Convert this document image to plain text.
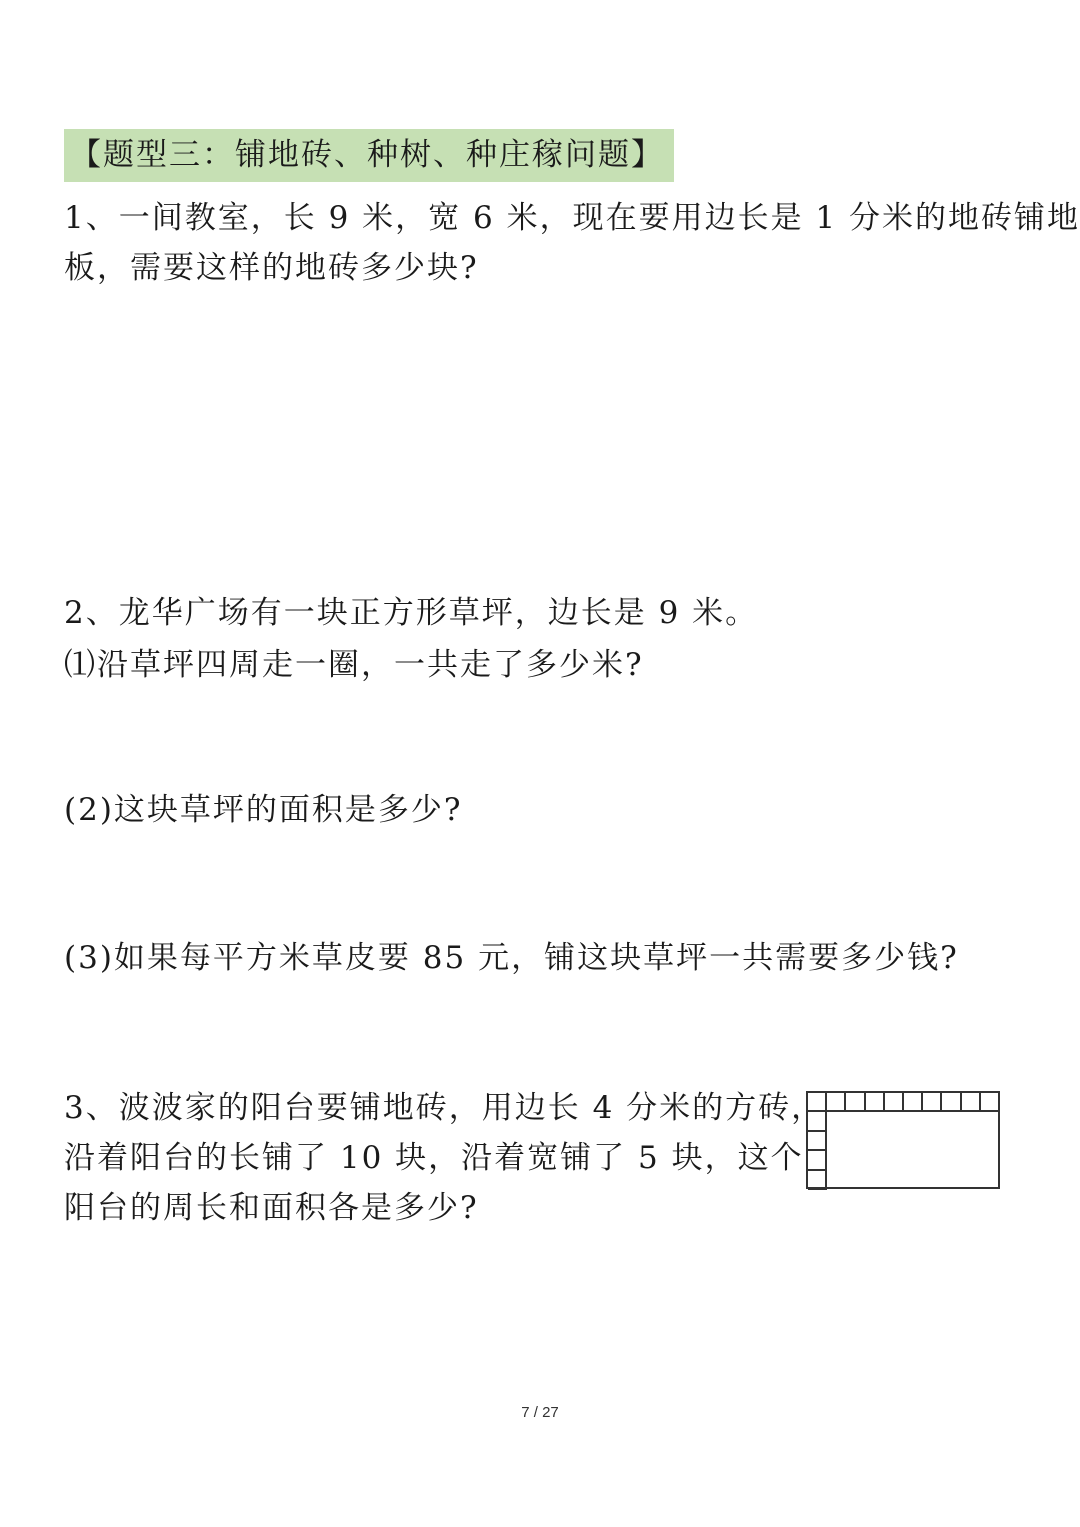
【题型三：铺地砖、种树、种庄稼问题】
1、一间教室，长 9 米，宽 6 米，现在要用边长是 1 分米的地砖铺地
板，需要这样的地砖多少块?
2、龙华广场有一块正方形草坪，边长是 9 米。
⑴沿草坪四周走一圈，一共走了多少米?
(2)这块草坪的面积是多少?
(3)如果每平方米草皮要 85 元，铺这块草坪一共需要多少钱?
3、波波家的阳台要铺地砖，用边长 4 分米的方砖，
沿着阳台的长铺了 10 块，沿着宽铺了 5 块，这个
阳台的周长和面积各是多少?
7 / 27
